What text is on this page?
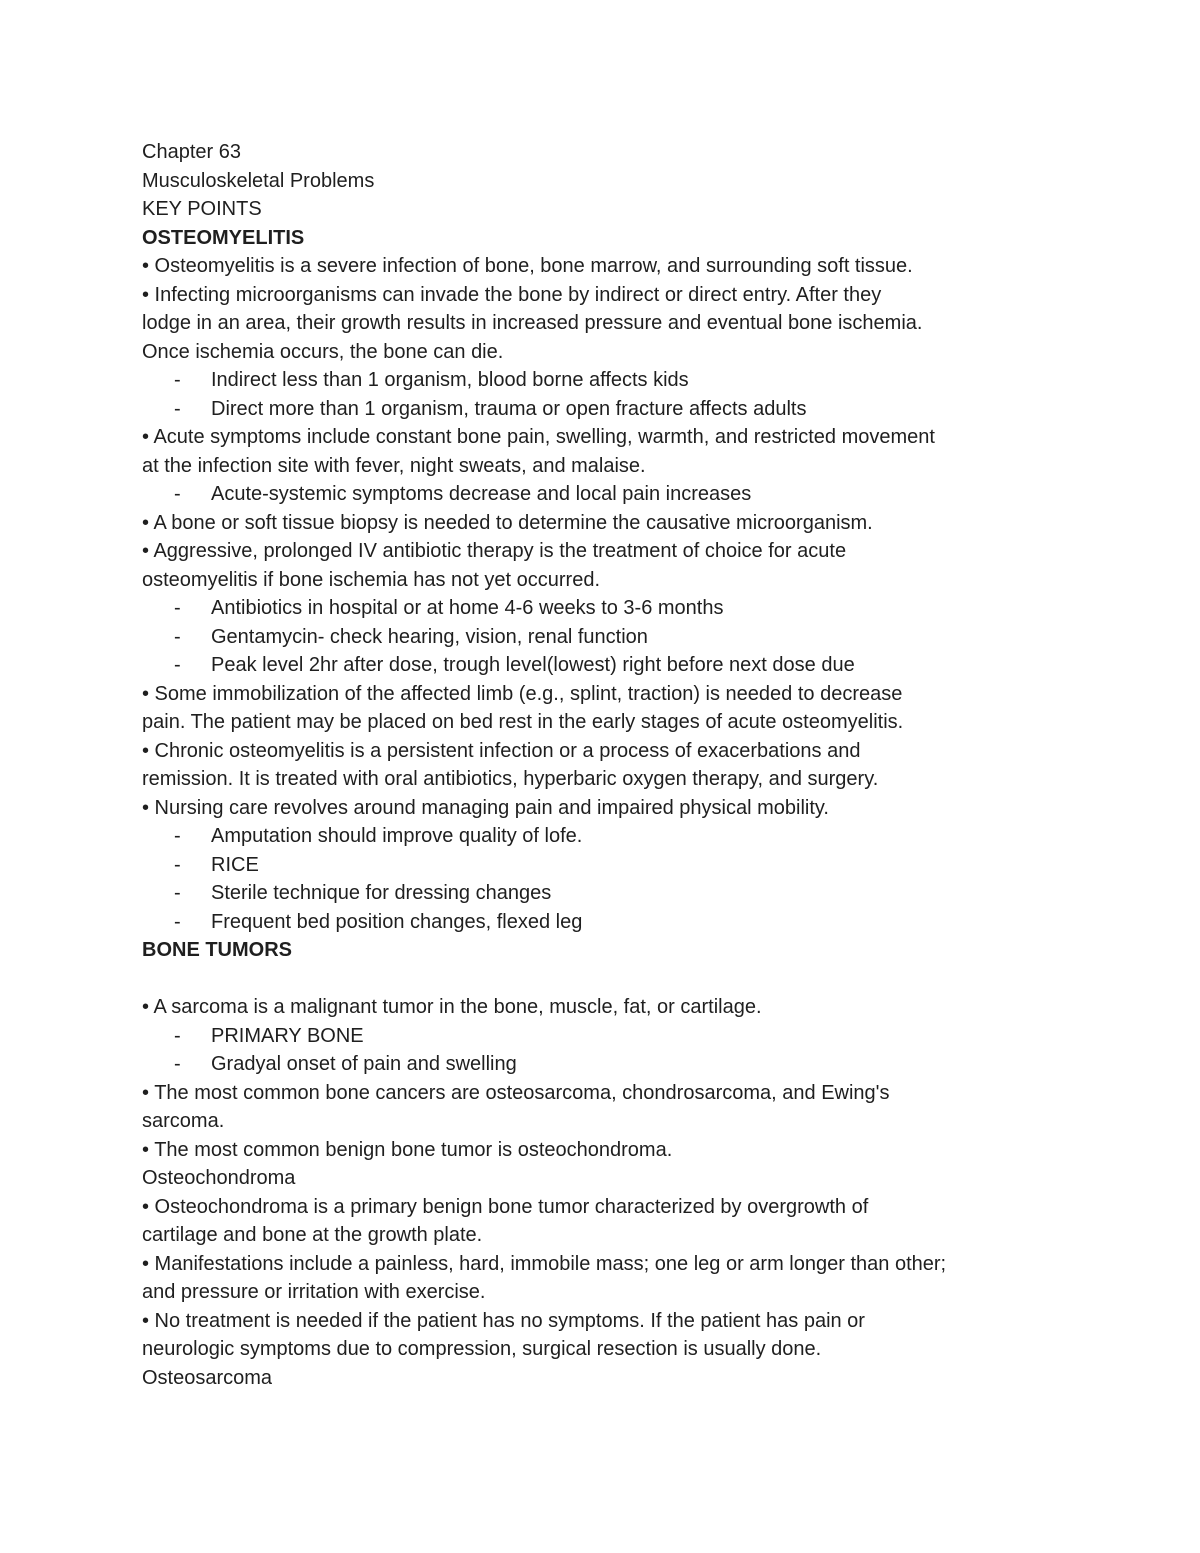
Chapter 63
Musculoskeletal Problems
KEY POINTS
OSTEOMYELITIS
• Osteomyelitis is a severe infection of bone, bone marrow, and surrounding soft tissue.
• Infecting microorganisms can invade the bone by indirect or direct entry. After they
lodge in an area, their growth results in increased pressure and eventual bone ischemia.
Once ischemia occurs, the bone can die.
- Indirect less than 1 organism, blood borne affects kids
- Direct more than 1 organism, trauma or open fracture affects adults
• Acute symptoms include constant bone pain, swelling, warmth, and restricted movement
at the infection site with fever, night sweats, and malaise.
- Acute-systemic symptoms decrease and local pain increases
• A bone or soft tissue biopsy is needed to determine the causative microorganism.
• Aggressive, prolonged IV antibiotic therapy is the treatment of choice for acute
osteomyelitis if bone ischemia has not yet occurred.
- Antibiotics in hospital or at home 4-6 weeks to 3-6 months
- Gentamycin- check hearing, vision, renal function
- Peak level 2hr after dose, trough level(lowest) right before next dose due
• Some immobilization of the affected limb (e.g., splint, traction) is needed to decrease
pain. The patient may be placed on bed rest in the early stages of acute osteomyelitis.
• Chronic osteomyelitis is a persistent infection or a process of exacerbations and
remission. It is treated with oral antibiotics, hyperbaric oxygen therapy, and surgery.
• Nursing care revolves around managing pain and impaired physical mobility.
- Amputation should improve quality of lofe.
- RICE
- Sterile technique for dressing changes
- Frequent bed position changes, flexed leg
BONE TUMORS
• A sarcoma is a malignant tumor in the bone, muscle, fat, or cartilage.
- PRIMARY BONE
- Gradyal onset of pain and swelling
• The most common bone cancers are osteosarcoma, chondrosarcoma, and Ewing's
sarcoma.
• The most common benign bone tumor is osteochondroma.
Osteochondroma
• Osteochondroma is a primary benign bone tumor characterized by overgrowth of
cartilage and bone at the growth plate.
• Manifestations include a painless, hard, immobile mass; one leg or arm longer than other;
and pressure or irritation with exercise.
• No treatment is needed if the patient has no symptoms. If the patient has pain or
neurologic symptoms due to compression, surgical resection is usually done.
Osteosarcoma
